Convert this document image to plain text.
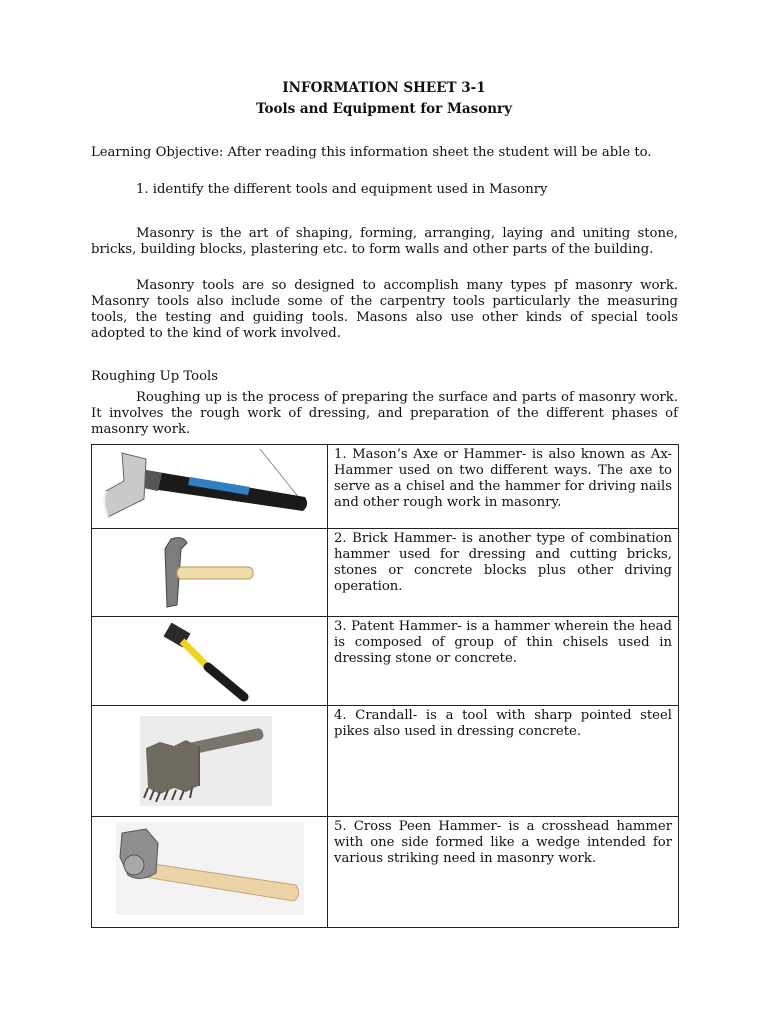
INFORMATION SHEET 3-1
Tools and Equipment for Masonry
Learning Objective: After reading this information sheet the student will be able to.
1. identify the different tools and equipment used in Masonry
Masonry is the art of shaping, forming, arranging, laying and uniting stone, bricks, building blocks, plastering etc. to form walls and other parts of the building.
Masonry tools are so designed to accomplish many types pf masonry work. Masonry tools also include some of the carpentry tools particularly the measuring tools, the testing and guiding tools. Masons also use other kinds of special tools adopted to the kind of work involved.
Roughing Up Tools
Roughing up is the process of preparing the surface and parts of masonry work. It involves the rough work of dressing, and preparation of the different phases of masonry work.
	1. Mason’s Axe or Hammer- is also known as Ax-Hammer used on two different ways. The axe to serve as a chisel and the hammer for driving nails and other rough work in masonry.

	2. Brick Hammer- is another type of combination hammer used for dressing and cutting bricks, stones or concrete blocks plus other driving operation.

	3. Patent Hammer- is a hammer wherein the head is composed of group of thin chisels used in dressing stone or concrete.

	4. Crandall- is a tool with sharp pointed steel pikes also used in dressing concrete.

	5. Cross Peen Hammer- is a crosshead hammer with one side formed like a wedge intended for various striking need in masonry work.
